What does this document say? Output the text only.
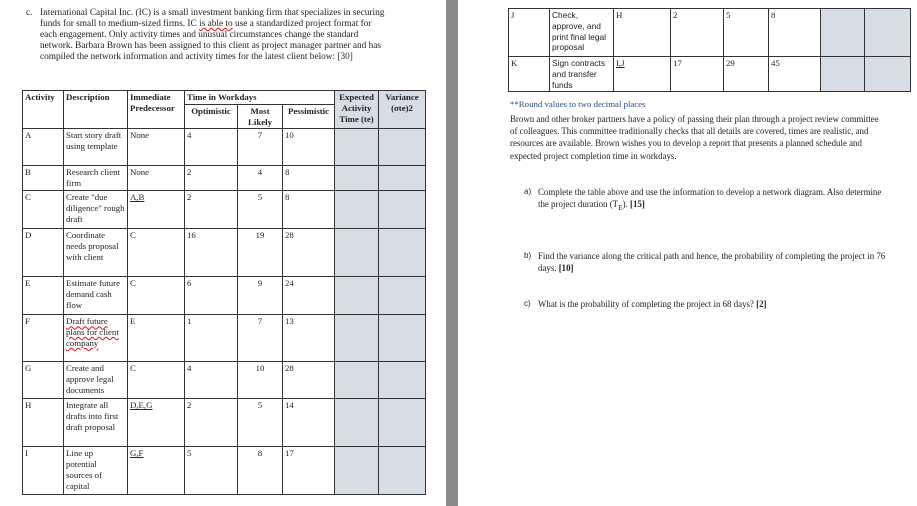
c. International Capital Inc. (IC) is a small investment banking firm that specializes in securing funds for small to medium-sized firms. IC is able to use a standardized project format for each engagement. Only activity times and unusual circumstances change the standard network. Barbara Brown has been assigned to this client as project manager partner and has compiled the network information and activity times for the latest client below: [30]
Activity	Description	Immediate Predecessor	Time in Workdays			Expected Activity Time (te)	Variance (σte)2
			Optimistic	Most Likely	Pessimistic		
A	Start story draft using template	None	4	7	10		
B	Research client firm	None	2	4	8		
C	Create "due diligence" rough draft	A,B	2	5	8		
D	Coordinate needs proposal with client	C	16	19	28		
E	Estimate future demand cash flow	C	6	9	24		
F	Draft future plans for client company	E	1	7	13		
G	Create and approve legal documents	C	4	10	28		
H	Integrate all drafts into first draft proposal	D,E,G	2	5	14		
I	Line up potential sources of capital	G,F	5	8	17		
J	Check, approve, and print final legal proposal	H	2	5	8		
K	Sign contracts and transfer funds	I,J	17	29	45		
**Round values to two decimal places
Brown and other broker partners have a policy of passing their plan through a project review committee of colleagues. This committee traditionally checks that all details are covered, times are realistic, and resources are available. Brown wishes you to develop a report that presents a planned schedule and expected project completion time in workdays.
a) Complete the table above and use the information to develop a network diagram. Also determine the project duration $(T_E)$. [15]
b) Find the variance along the critical path and hence, the probability of completing the project in 76 days. [10]
c) What is the probability of completing the project in 68 days? [2]
